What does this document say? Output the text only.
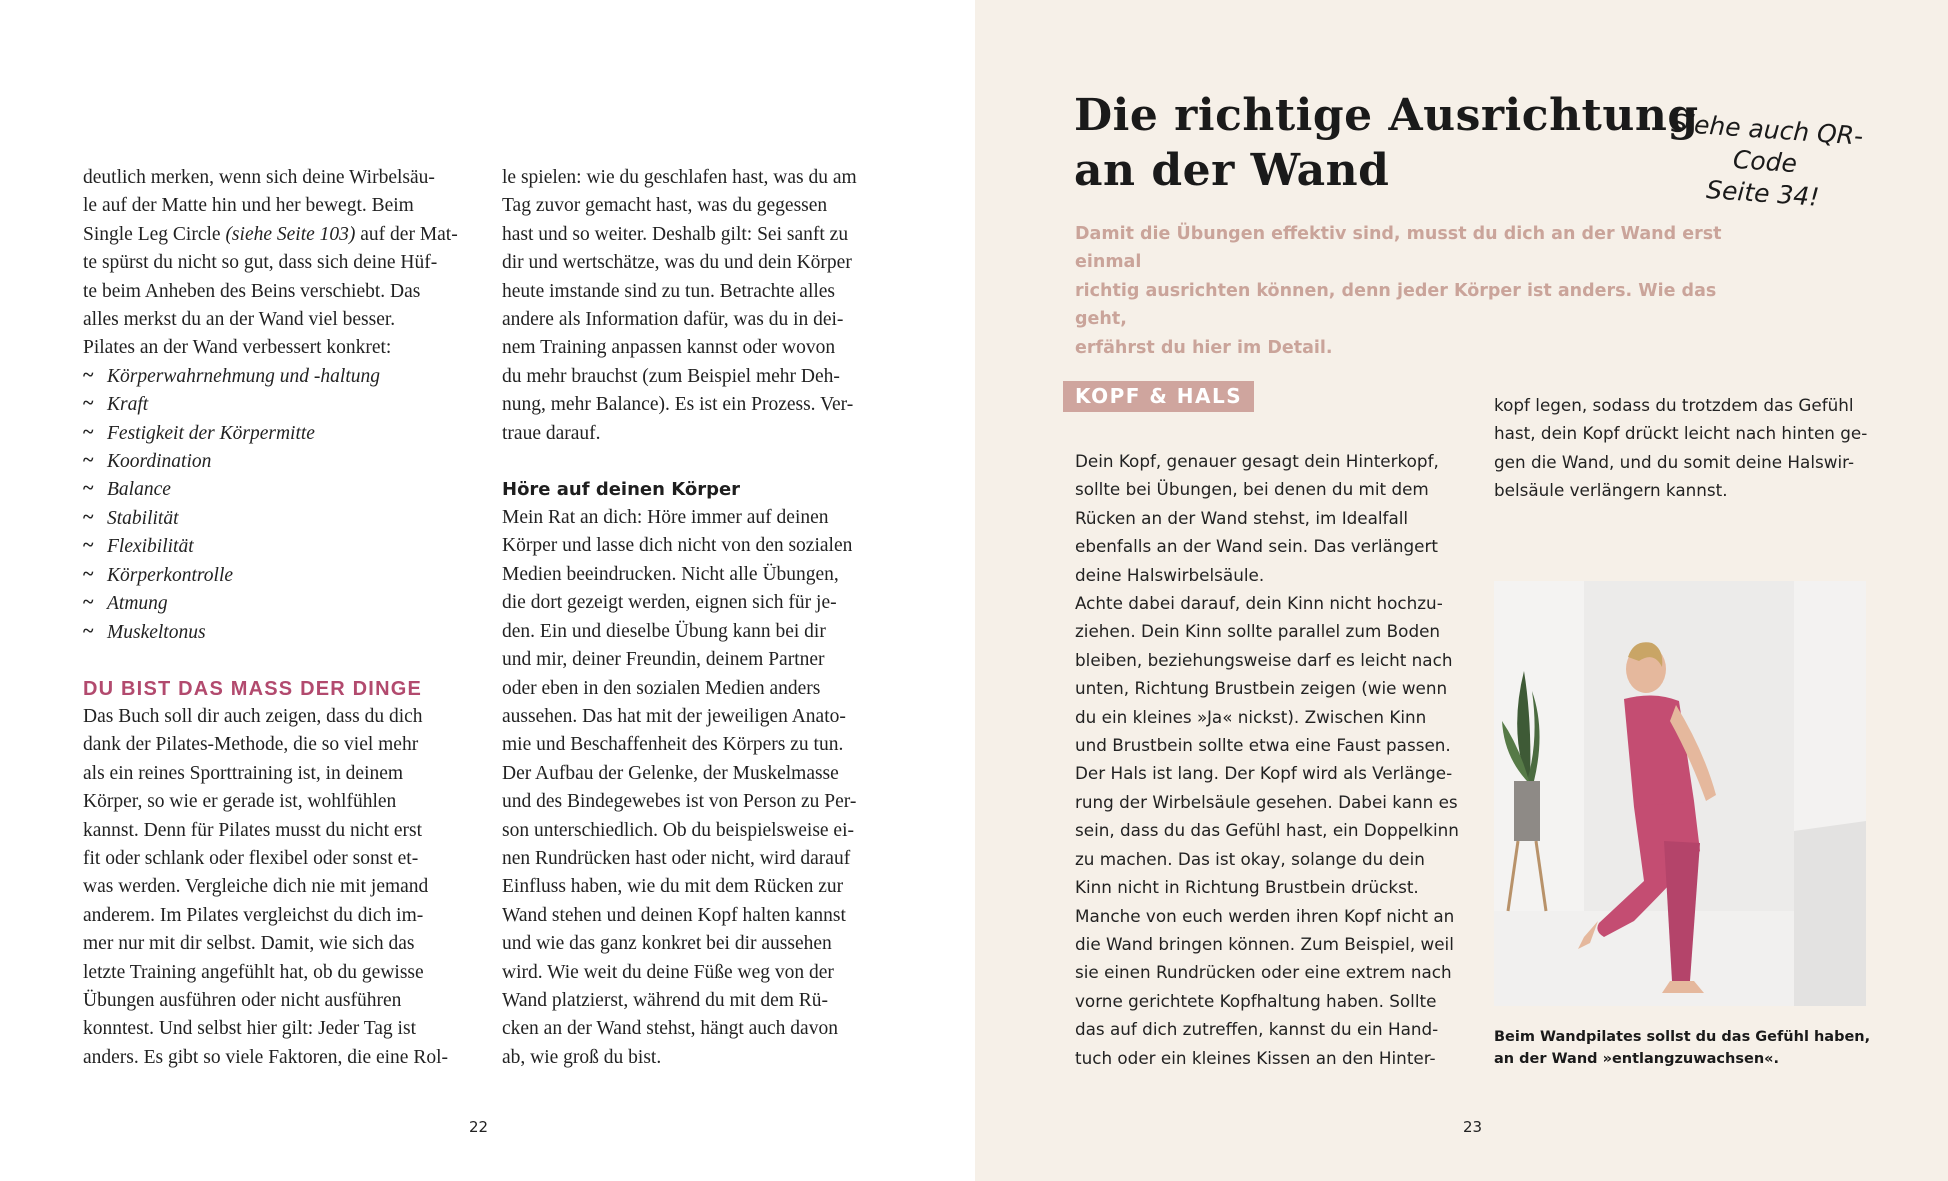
deutlich merken, wenn sich deine Wirbelsäu-
le auf der Matte hin und her bewegt. Beim
Single Leg Circle (siehe Seite 103) auf der Mat-
te spürst du nicht so gut, dass sich deine Hüf-
te beim Anheben des Beins verschiebt. Das
alles merkst du an der Wand viel besser.
Pilates an der Wand verbessert konkret:

~ Körperwahrnehmung und -haltung
~ Kraft
~ Festigkeit der Körpermitte
~ Koordination
~ Balance
~ Stabilität
~ Flexibilität
~ Körperkontrolle
~ Atmung
~ Muskeltonus
DU BIST DAS MASS DER DINGE

Das Buch soll dir auch zeigen, dass du dich
dank der Pilates-Methode, die so viel mehr
als ein reines Sporttraining ist, in deinem
Körper, so wie er gerade ist, wohlfühlen
kannst. Denn für Pilates musst du nicht erst
fit oder schlank oder flexibel oder sonst et-
was werden. Vergleiche dich nie mit jemand
anderem. Im Pilates vergleichst du dich im-
mer nur mit dir selbst. Damit, wie sich das
letzte Training angefühlt hat, ob du gewisse
Übungen ausführen oder nicht ausführen
konntest. Und selbst hier gilt: Jeder Tag ist
anders. Es gibt so viele Faktoren, die eine Rol-

le spielen: wie du geschlafen hast, was du am
Tag zuvor gemacht hast, was du gegessen
hast und so weiter. Deshalb gilt: Sei sanft zu
dir und wertschätze, was du und dein Körper
heute imstande sind zu tun. Betrachte alles
andere als Information dafür, was du in dei-
nem Training anpassen kannst oder wovon
du mehr brauchst (zum Beispiel mehr Deh-
nung, mehr Balance). Es ist ein Prozess. Ver-
traue darauf.

Höre auf deinen Körper

Mein Rat an dich: Höre immer auf deinen
Körper und lasse dich nicht von den sozialen
Medien beeindrucken. Nicht alle Übungen,
die dort gezeigt werden, eignen sich für je-
den. Ein und dieselbe Übung kann bei dir
und mir, deiner Freundin, deinem Partner
oder eben in den sozialen Medien anders
aussehen. Das hat mit der jeweiligen Anato-
mie und Beschaffenheit des Körpers zu tun.
Der Aufbau der Gelenke, der Muskelmasse
und des Bindegewebes ist von Person zu Per-
son unterschiedlich. Ob du beispielsweise ei-
nen Rundrücken hast oder nicht, wird darauf
Einfluss haben, wie du mit dem Rücken zur
Wand stehen und deinen Kopf halten kannst
und wie das ganz konkret bei dir aussehen
wird. Wie weit du deine Füße weg von der
Wand platzierst, während du mit dem Rü-
cken an der Wand stehst, hängt auch davon
ab, wie groß du bist.

22
Die richtige Ausrichtung
an der Wand
Siehe auch QR-Code
Seite 34!
Damit die Übungen effektiv sind, musst du dich an der Wand erst einmal
richtig ausrichten können, denn jeder Körper ist anders. Wie das geht,
erfährst du hier im Detail.
KOPF & HALS
Dein Kopf, genauer gesagt dein Hinterkopf,
sollte bei Übungen, bei denen du mit dem
Rücken an der Wand stehst, im Idealfall
ebenfalls an der Wand sein. Das verlängert
deine Halswirbelsäule.
Achte dabei darauf, dein Kinn nicht hochzu-
ziehen. Dein Kinn sollte parallel zum Boden
bleiben, beziehungsweise darf es leicht nach
unten, Richtung Brustbein zeigen (wie wenn
du ein kleines »Ja« nickst). Zwischen Kinn
und Brustbein sollte etwa eine Faust passen.
Der Hals ist lang. Der Kopf wird als Verlänge-
rung der Wirbelsäule gesehen. Dabei kann es
sein, dass du das Gefühl hast, ein Doppelkinn
zu machen. Das ist okay, solange du dein
Kinn nicht in Richtung Brustbein drückst.
Manche von euch werden ihren Kopf nicht an
die Wand bringen können. Zum Beispiel, weil
sie einen Rundrücken oder eine extrem nach
vorne gerichtete Kopfhaltung haben. Sollte
das auf dich zutreffen, kannst du ein Hand-
tuch oder ein kleines Kissen an den Hinter-
kopf legen, sodass du trotzdem das Gefühl
hast, dein Kopf drückt leicht nach hinten ge-
gen die Wand, und du somit deine Halswir-
belsäule verlängern kannst.
Beim Wandpilates sollst du das Gefühl haben,
an der Wand »entlangzuwachsen«.
23
